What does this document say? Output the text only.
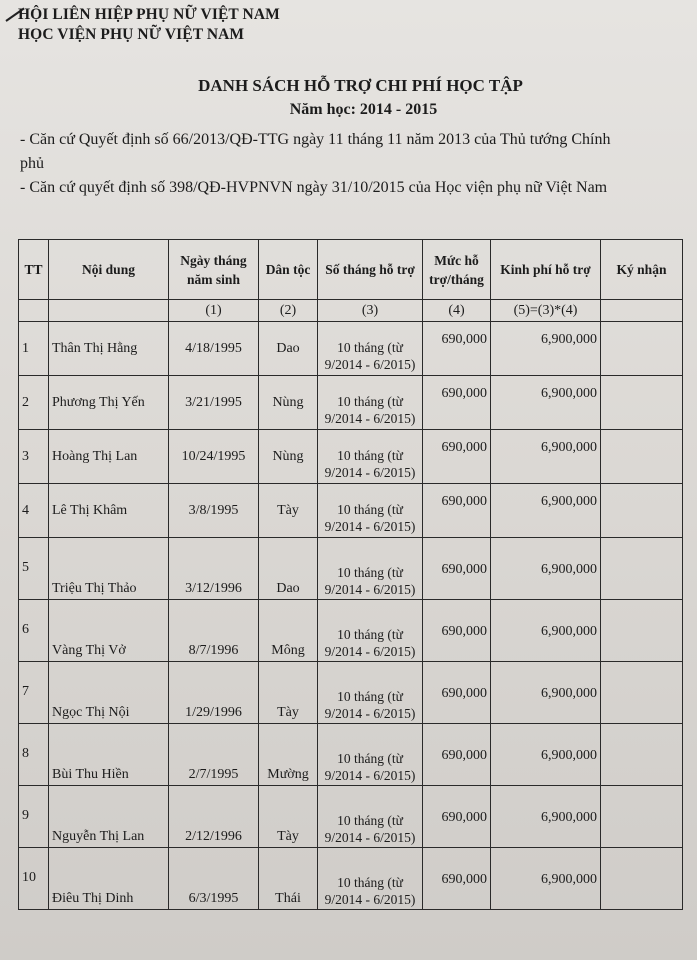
HỘI LIÊN HIỆP PHỤ NỮ VIỆT NAM
HỌC VIỆN PHỤ NỮ VIỆT NAM
DANH SÁCH HỖ TRỢ CHI PHÍ HỌC TẬP
Năm học: 2014 - 2015
- Căn cứ Quyết định số 66/2013/QĐ-TTG ngày 11 tháng 11 năm 2013 của Thủ tướng Chính phủ
- Căn cứ quyết định số 398/QĐ-HVPNVN ngày 31/10/2015 của Học viện phụ nữ Việt Nam
TT	Nội dung	Ngày tháng năm sinh	Dân tộc	Số tháng hỗ trợ	Mức hỗ trợ/tháng	Kinh phí hỗ trợ	Ký nhận
		(1)	(2)	(3)	(4)	(5)=(3)*(4)	
1	Thân Thị Hằng	4/18/1995	Dao	10 tháng (từ
9/2014 - 6/2015)	690,000	6,900,000	
2	Phương Thị Yến	3/21/1995	Nùng	10 tháng (từ
9/2014 - 6/2015)	690,000	6,900,000	
3	Hoàng Thị Lan	10/24/1995	Nùng	10 tháng (từ
9/2014 - 6/2015)	690,000	6,900,000	
4	Lê Thị Khâm	3/8/1995	Tày	10 tháng (từ
9/2014 - 6/2015)	690,000	6,900,000	
5	Triệu Thị Thảo	3/12/1996	Dao	10 tháng (từ
9/2014 - 6/2015)	690,000	6,900,000	
6	Vàng Thị Vở	8/7/1996	Mông	10 tháng (từ
9/2014 - 6/2015)	690,000	6,900,000	
7	Ngọc Thị Nội	1/29/1996	Tày	10 tháng (từ
9/2014 - 6/2015)	690,000	6,900,000	
8	Bùi Thu Hiền	2/7/1995	Mường	10 tháng (từ
9/2014 - 6/2015)	690,000	6,900,000	
9	Nguyễn Thị Lan	2/12/1996	Tày	10 tháng (từ
9/2014 - 6/2015)	690,000	6,900,000	
10	Điêu Thị Dinh	6/3/1995	Thái	10 tháng (từ
9/2014 - 6/2015)	690,000	6,900,000	
